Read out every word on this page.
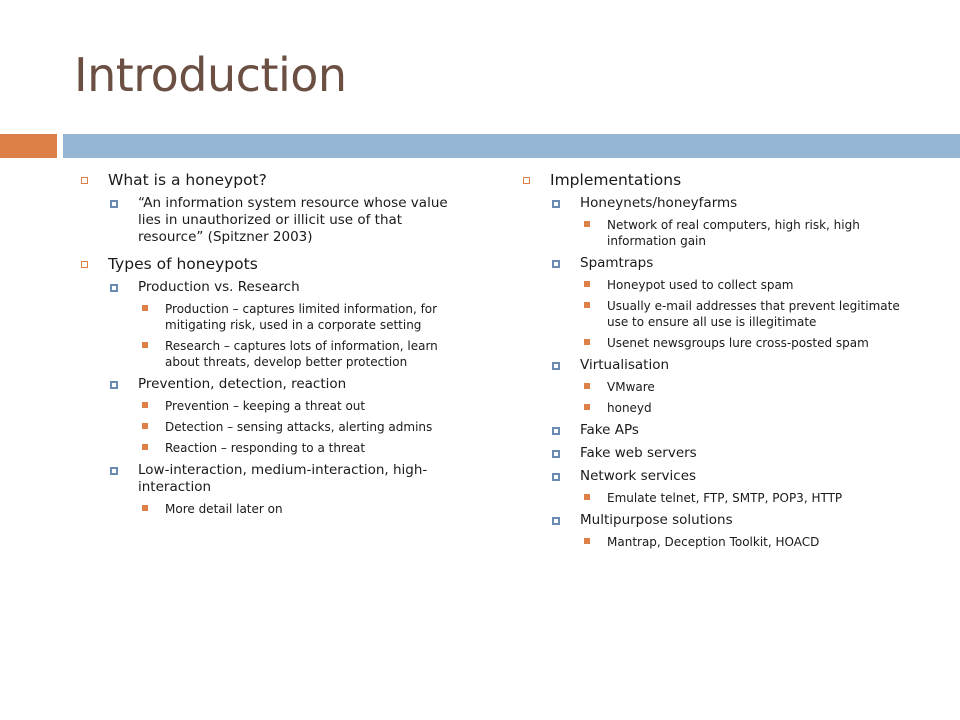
Introduction
What is a honeypot?
“An information system resource whose value lies in unauthorized or illicit use of that resource” (Spitzner 2003)
Types of honeypots
Production vs. Research
Production – captures limited information, for mitigating risk, used in a corporate setting
Research – captures lots of information, learn about threats, develop better protection
Prevention, detection, reaction
Prevention – keeping a threat out
Detection – sensing attacks, alerting admins
Reaction – responding to a threat
Low-interaction, medium-interaction, high-interaction
More detail later on
Implementations
Honeynets/honeyfarms
Network of real computers, high risk, high information gain
Spamtraps
Honeypot used to collect spam
Usually e-mail addresses that prevent legitimate use to ensure all use is illegitimate
Usenet newsgroups lure cross-posted spam
Virtualisation
VMware
honeyd
Fake APs
Fake web servers
Network services
Emulate telnet, FTP, SMTP, POP3, HTTP
Multipurpose solutions
Mantrap, Deception Toolkit, HOACD
